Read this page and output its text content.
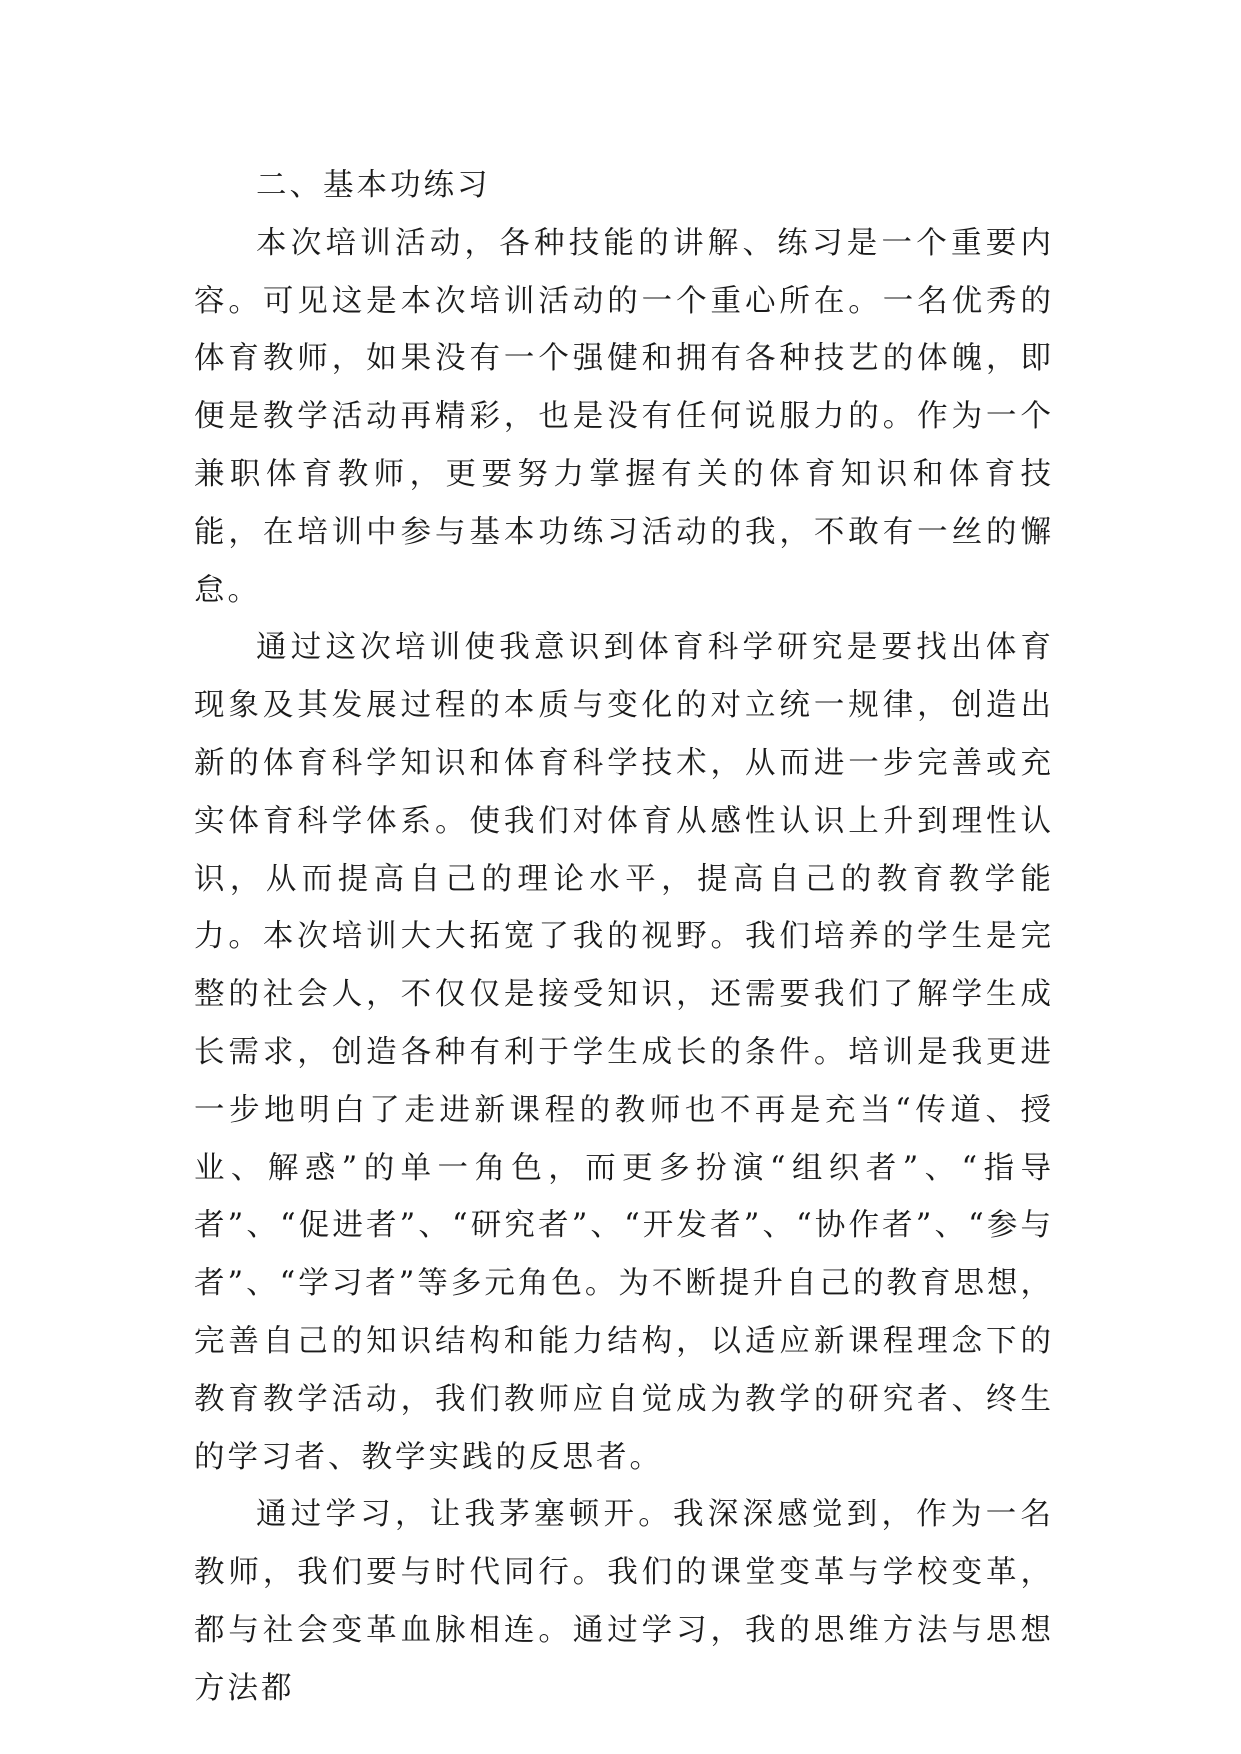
二、基本功练习

本次培训活动，各种技能的讲解、练习是一个重要内容。可见这是本次培训活动的一个重心所在。一名优秀的体育教师，如果没有一个强健和拥有各种技艺的体魄，即便是教学活动再精彩，也是没有任何说服力的。作为一个兼职体育教师，更要努力掌握有关的体育知识和体育技能，在培训中参与基本功练习活动的我，不敢有一丝的懈怠。

通过这次培训使我意识到体育科学研究是要找出体育现象及其发展过程的本质与变化的对立统一规律，创造出新的体育科学知识和体育科学技术，从而进一步完善或充实体育科学体系。使我们对体育从感性认识上升到理性认识，从而提高自己的理论水平，提高自己的教育教学能力。本次培训大大拓宽了我的视野。我们培养的学生是完整的社会人，不仅仅是接受知识，还需要我们了解学生成长需求，创造各种有利于学生成长的条件。培训是我更进一步地明白了走进新课程的教师也不再是充当“传道、授业、解惑”的单一角色，而更多扮演“组织者”、“指导者”、“促进者”、“研究者”、“开发者”、“协作者”、“参与者”、“学习者”等多元角色。为不断提升自己的教育思想，完善自己的知识结构和能力结构，以适应新课程理念下的教育教学活动，我们教师应自觉成为教学的研究者、终生的学习者、教学实践的反思者。

通过学习，让我茅塞顿开。我深深感觉到，作为一名教师，我们要与时代同行。我们的课堂变革与学校变革，都与社会变革血脉相连。通过学习，我的思维方法与思想方法都
